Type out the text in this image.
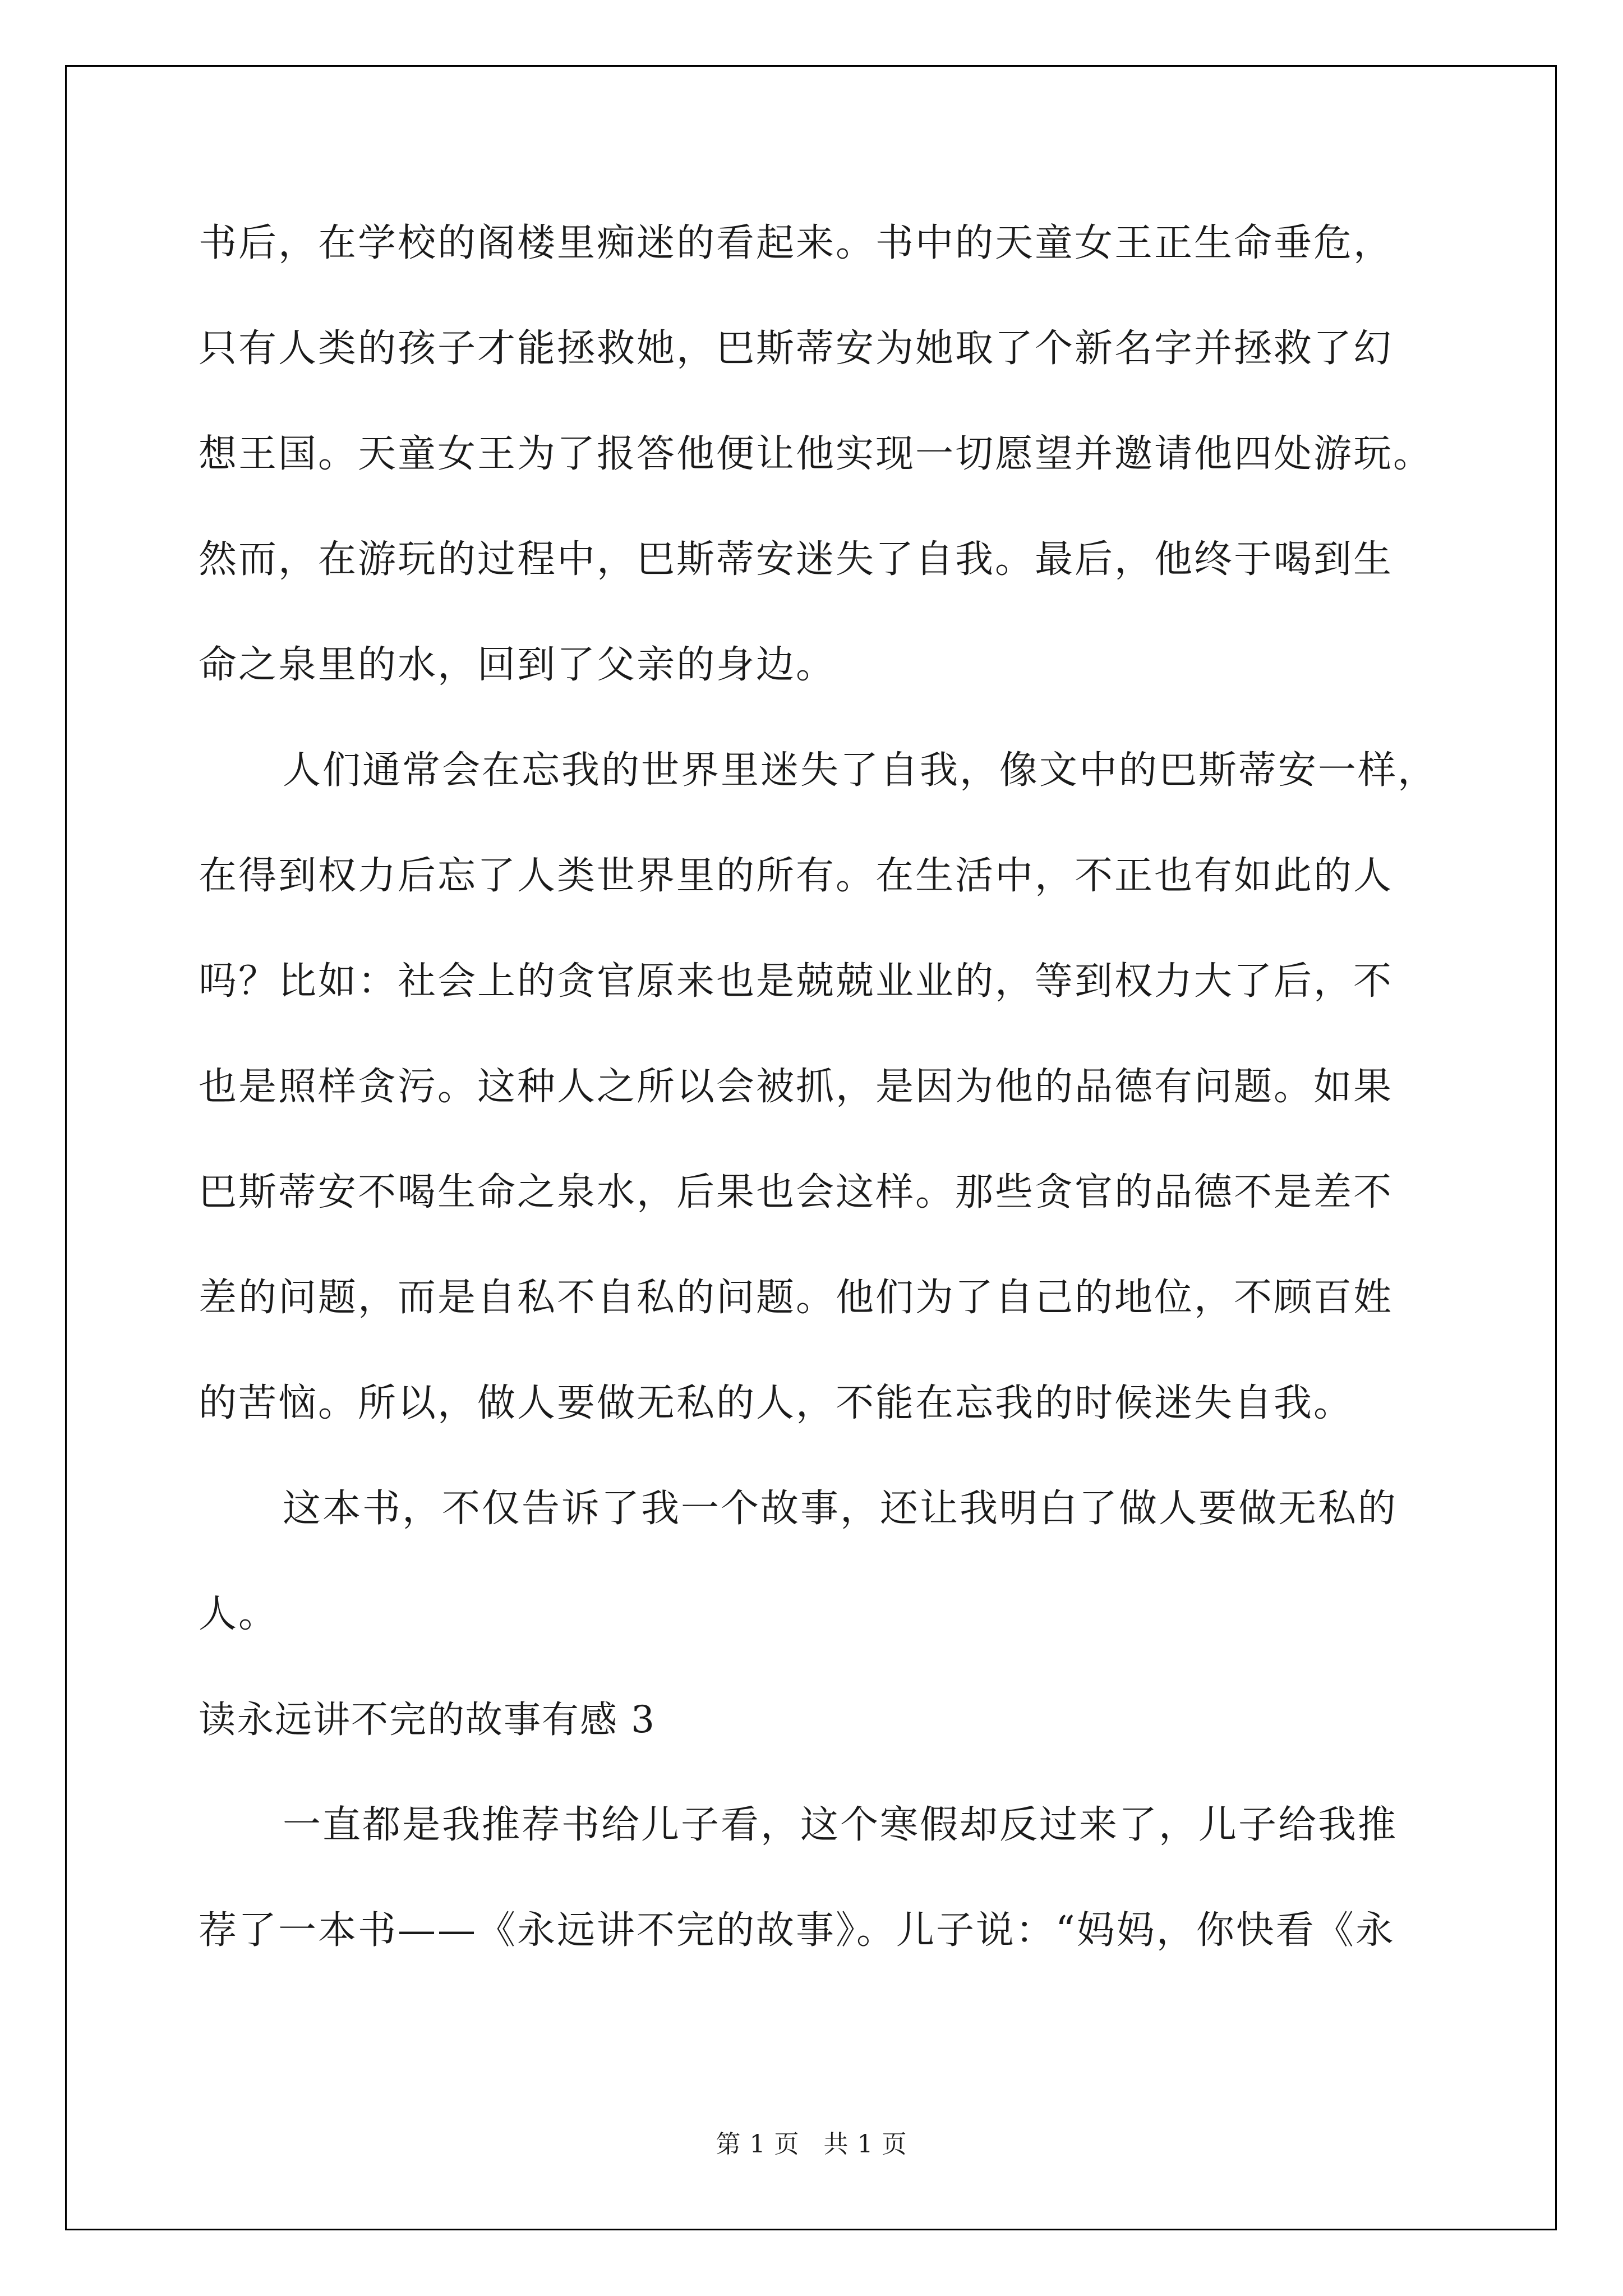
书后，在学校的阁楼里痴迷的看起来。书中的天童女王正生命垂危，
只有人类的孩子才能拯救她，巴斯蒂安为她取了个新名字并拯救了幻
想王国。天童女王为了报答他便让他实现一切愿望并邀请他四处游玩。
然而，在游玩的过程中，巴斯蒂安迷失了自我。最后，他终于喝到生
命之泉里的水，回到了父亲的身边。
人们通常会在忘我的世界里迷失了自我，像文中的巴斯蒂安一样，
在得到权力后忘了人类世界里的所有。在生活中，不正也有如此的人
吗？比如：社会上的贪官原来也是兢兢业业的，等到权力大了后，不
也是照样贪污。这种人之所以会被抓，是因为他的品德有问题。如果
巴斯蒂安不喝生命之泉水，后果也会这样。那些贪官的品德不是差不
差的问题，而是自私不自私的问题。他们为了自己的地位，不顾百姓
的苦恼。所以，做人要做无私的人，不能在忘我的时候迷失自我。
这本书，不仅告诉了我一个故事，还让我明白了做人要做无私的
人。
读永远讲不完的故事有感 3
一直都是我推荐书给儿子看，这个寒假却反过来了，儿子给我推
荐了一本书——《永远讲不完的故事》。儿子说：“妈妈，你快看《永
第 1 页 共 1 页
